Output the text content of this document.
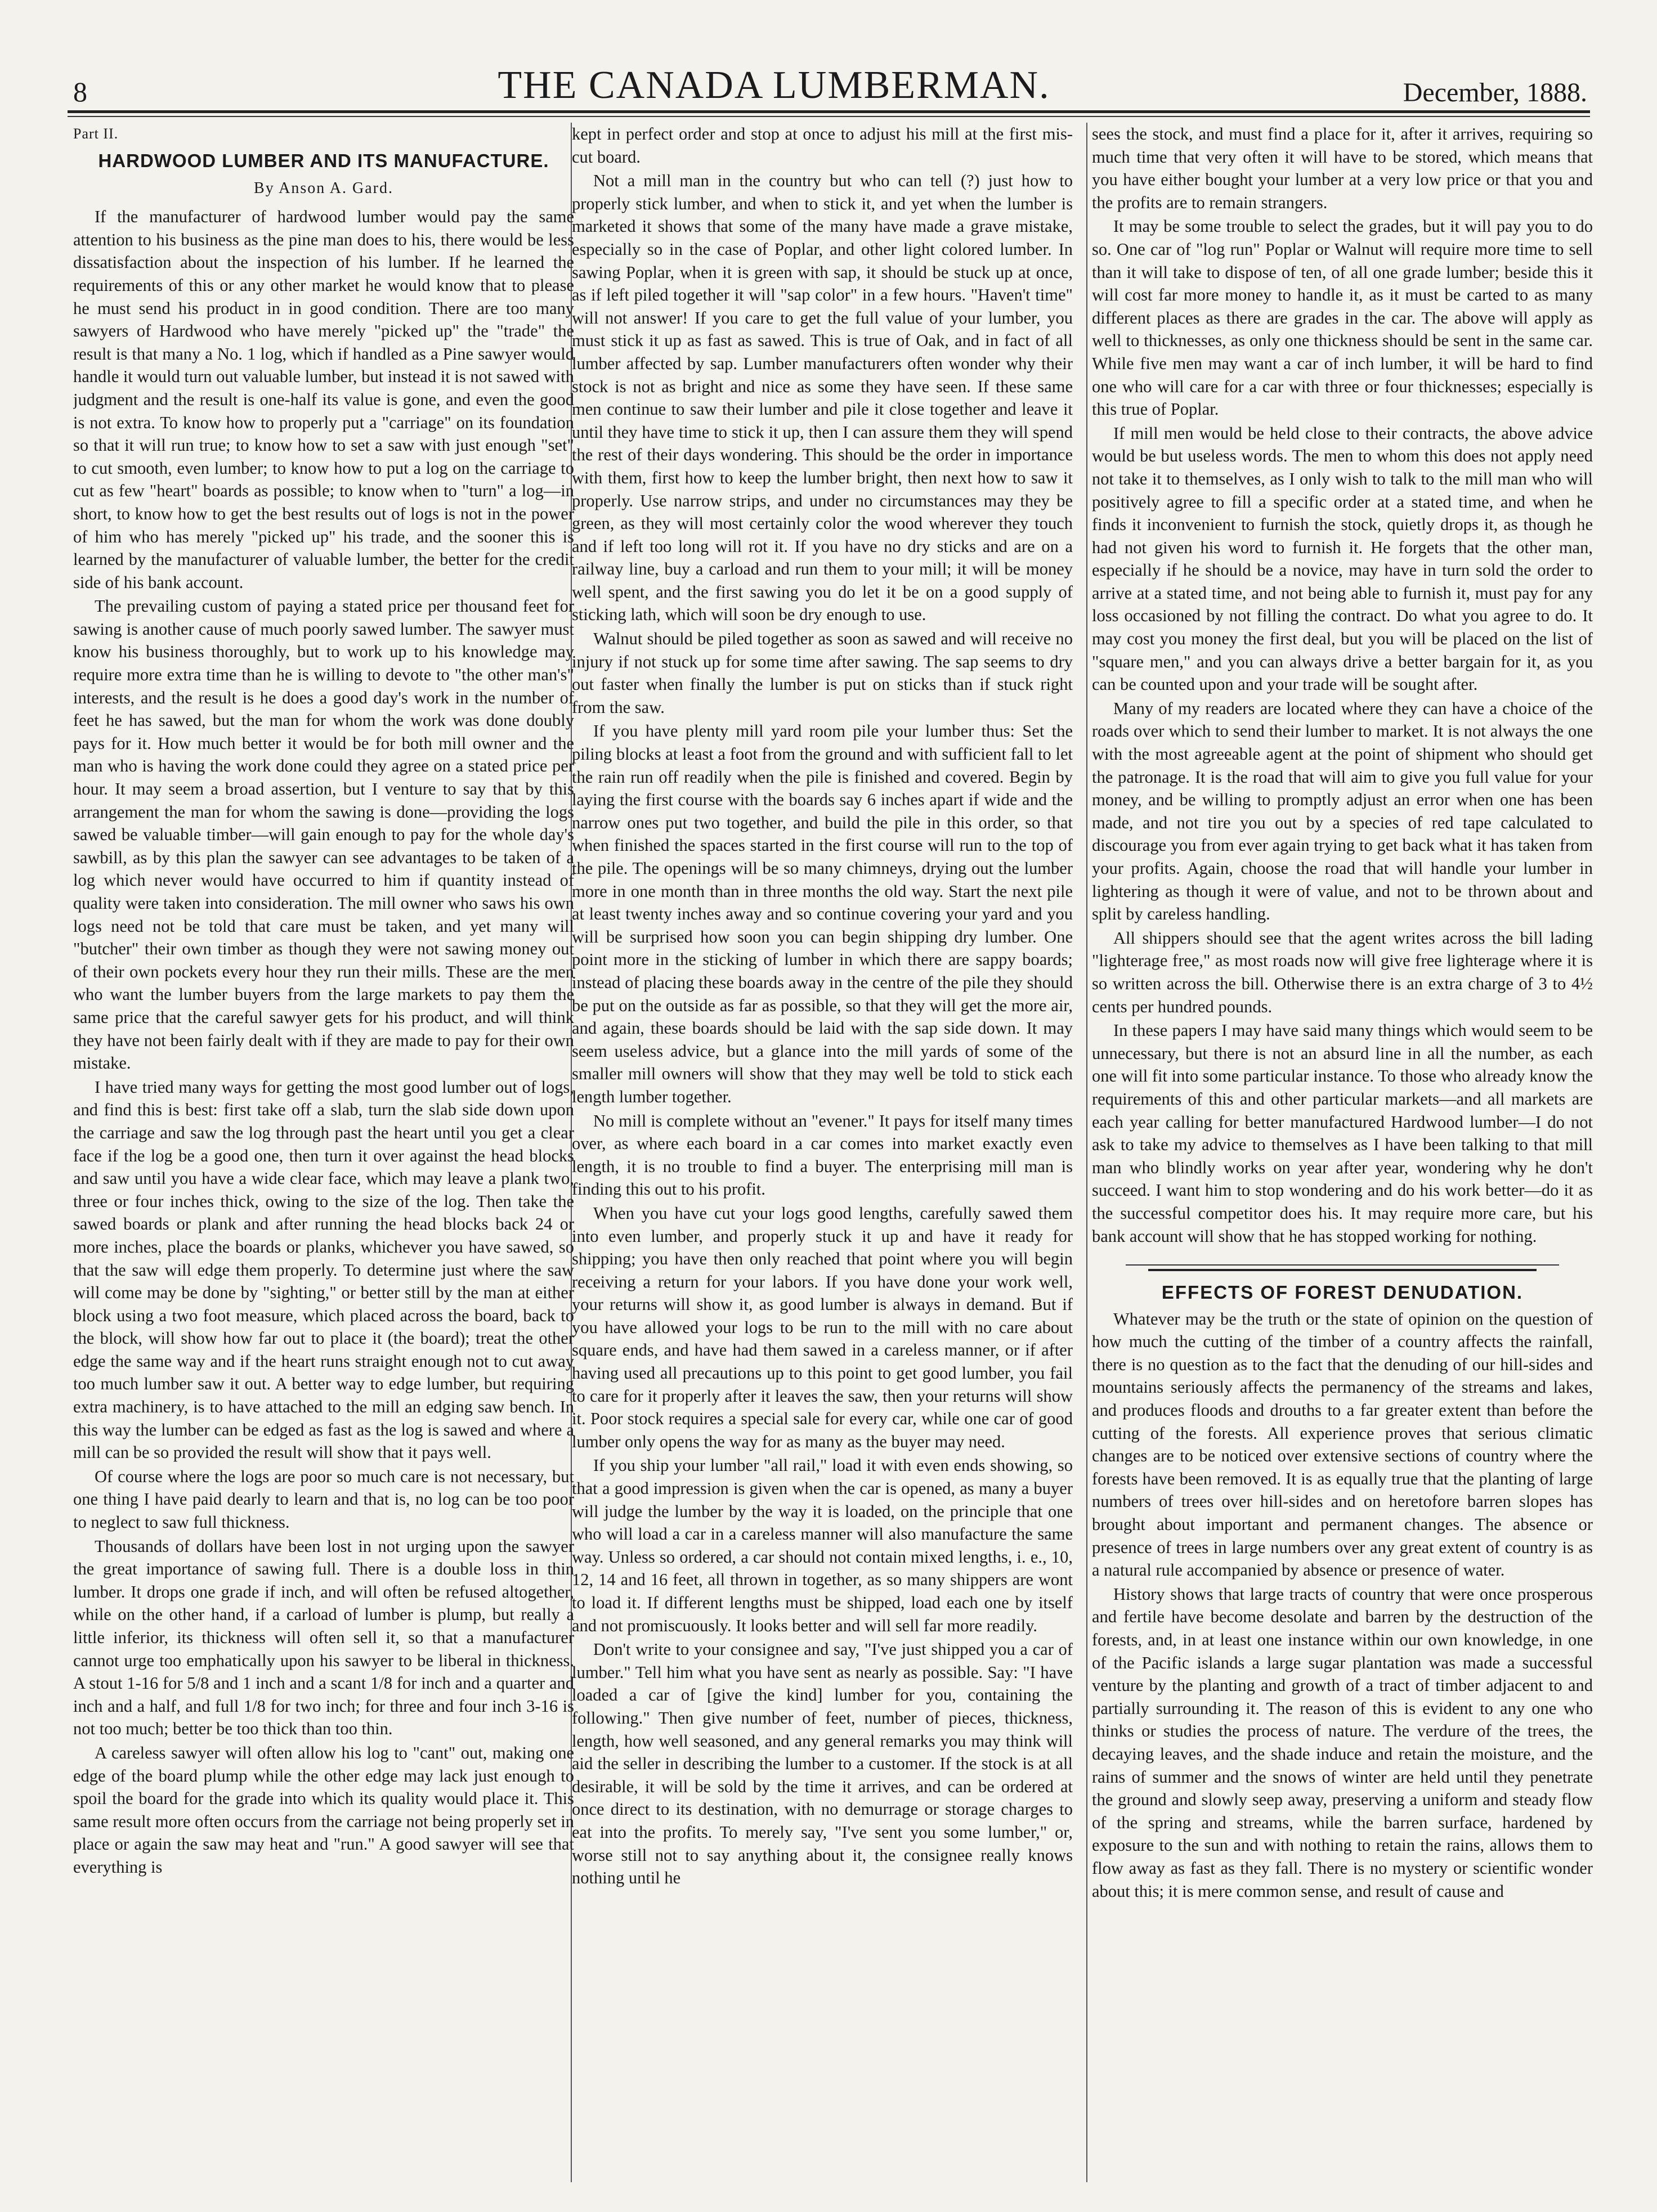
8	THE CANADA LUMBERMAN.	December, 1888.
Part II.
HARDWOOD LUMBER AND ITS MANUFACTURE.
By Anson A. Gard.

If the manufacturer of hardwood lumber would pay the same attention to his business as the pine man does to his, there would be less dissatisfaction about the inspection of his lumber. If he learned the requirements of this or any other market he would know that to please he must send his product in in good condition. There are too many sawyers of Hardwood who have merely "picked up" the "trade" the result is that many a No. 1 log, which if handled as a Pine sawyer would handle it would turn out valuable lumber, but instead it is not sawed with judgment and the result is one-half its value is gone, and even the good is not extra. To know how to properly put a "carriage" on its foundation so that it will run true; to know how to set a saw with just enough "set" to cut smooth, even lumber; to know how to put a log on the carriage to cut as few "heart" boards as possible; to know when to "turn" a log—in short, to know how to get the best results out of logs is not in the power of him who has merely "picked up" his trade, and the sooner this is learned by the manufacturer of valuable lumber, the better for the credit side of his bank account.

The prevailing custom of paying a stated price per thousand feet for sawing is another cause of much poorly sawed lumber. The sawyer must know his business thoroughly, but to work up to his knowledge may require more extra time than he is willing to devote to "the other man's" interests, and the result is he does a good day's work in the number of feet he has sawed, but the man for whom the work was done doubly pays for it. How much better it would be for both mill owner and the man who is having the work done could they agree on a stated price per hour. It may seem a broad assertion, but I venture to say that by this arrangement the man for whom the sawing is done—providing the logs sawed be valuable timber—will gain enough to pay for the whole day's sawbill, as by this plan the sawyer can see advantages to be taken of a log which never would have occurred to him if quantity instead of quality were taken into consideration. The mill owner who saws his own logs need not be told that care must be taken, and yet many will "butcher" their own timber as though they were not sawing money out of their own pockets every hour they run their mills. These are the men who want the lumber buyers from the large markets to pay them the same price that the careful sawyer gets for his product, and will think they have not been fairly dealt with if they are made to pay for their own mistake.

I have tried many ways for getting the most good lumber out of logs, and find this is best: first take off a slab, turn the slab side down upon the carriage and saw the log through past the heart until you get a clear face if the log be a good one, then turn it over against the head blocks and saw until you have a wide clear face, which may leave a plank two, three or four inches thick, owing to the size of the log. Then take the sawed boards or plank and after running the head blocks back 24 or more inches, place the boards or planks, whichever you have sawed, so that the saw will edge them properly. To determine just where the saw will come may be done by "sighting," or better still by the man at either block using a two foot measure, which placed across the board, back to the block, will show how far out to place it (the board); treat the other edge the same way and if the heart runs straight enough not to cut away too much lumber saw it out. A better way to edge lumber, but requiring extra machinery, is to have attached to the mill an edging saw bench. In this way the lumber can be edged as fast as the log is sawed and where a mill can be so provided the result will show that it pays well.

Of course where the logs are poor so much care is not necessary, but one thing I have paid dearly to learn and that is, no log can be too poor to neglect to saw full thickness.

Thousands of dollars have been lost in not urging upon the sawyer the great importance of sawing full. There is a double loss in thin lumber. It drops one grade if inch, and will often be refused altogether, while on the other hand, if a carload of lumber is plump, but really a little inferior, its thickness will often sell it, so that a manufacturer cannot urge too emphatically upon his sawyer to be liberal in thickness. A stout 1-16 for 5/8 and 1 inch and a scant 1/8 for inch and a quarter and inch and a half, and full 1/8 for two inch; for three and four inch 3-16 is not too much; better be too thick than too thin.

A careless sawyer will often allow his log to "cant" out, making one edge of the board plump while the other edge may lack just enough to spoil the board for the grade into which its quality would place it. This same result more often occurs from the carriage not being properly set in place or again the saw may heat and "run." A good sawyer will see that everything is

kept in perfect order and stop at once to adjust his mill at the first mis-cut board.

Not a mill man in the country but who can tell (?) just how to properly stick lumber, and when to stick it, and yet when the lumber is marketed it shows that some of the many have made a grave mistake, especially so in the case of Poplar, and other light colored lumber. In sawing Poplar, when it is green with sap, it should be stuck up at once, as if left piled together it will "sap color" in a few hours. "Haven't time" will not answer! If you care to get the full value of your lumber, you must stick it up as fast as sawed. This is true of Oak, and in fact of all lumber affected by sap. Lumber manufacturers often wonder why their stock is not as bright and nice as some they have seen. If these same men continue to saw their lumber and pile it close together and leave it until they have time to stick it up, then I can assure them they will spend the rest of their days wondering. This should be the order in importance with them, first how to keep the lumber bright, then next how to saw it properly. Use narrow strips, and under no circumstances may they be green, as they will most certainly color the wood wherever they touch and if left too long will rot it. If you have no dry sticks and are on a railway line, buy a carload and run them to your mill; it will be money well spent, and the first sawing you do let it be on a good supply of sticking lath, which will soon be dry enough to use.

Walnut should be piled together as soon as sawed and will receive no injury if not stuck up for some time after sawing. The sap seems to dry out faster when finally the lumber is put on sticks than if stuck right from the saw.

If you have plenty mill yard room pile your lumber thus: Set the piling blocks at least a foot from the ground and with sufficient fall to let the rain run off readily when the pile is finished and covered. Begin by laying the first course with the boards say 6 inches apart if wide and the narrow ones put two together, and build the pile in this order, so that when finished the spaces started in the first course will run to the top of the pile. The openings will be so many chimneys, drying out the lumber more in one month than in three months the old way. Start the next pile at least twenty inches away and so continue covering your yard and you will be surprised how soon you can begin shipping dry lumber. One point more in the sticking of lumber in which there are sappy boards; instead of placing these boards away in the centre of the pile they should be put on the outside as far as possible, so that they will get the more air, and again, these boards should be laid with the sap side down. It may seem useless advice, but a glance into the mill yards of some of the smaller mill owners will show that they may well be told to stick each length lumber together.

No mill is complete without an "evener." It pays for itself many times over, as where each board in a car comes into market exactly even length, it is no trouble to find a buyer. The enterprising mill man is finding this out to his profit.

When you have cut your logs good lengths, carefully sawed them into even lumber, and properly stuck it up and have it ready for shipping; you have then only reached that point where you will begin receiving a return for your labors. If you have done your work well, your returns will show it, as good lumber is always in demand. But if you have allowed your logs to be run to the mill with no care about square ends, and have had them sawed in a careless manner, or if after having used all precautions up to this point to get good lumber, you fail to care for it properly after it leaves the saw, then your returns will show it. Poor stock requires a special sale for every car, while one car of good lumber only opens the way for as many as the buyer may need.

If you ship your lumber "all rail," load it with even ends showing, so that a good impression is given when the car is opened, as many a buyer will judge the lumber by the way it is loaded, on the principle that one who will load a car in a careless manner will also manufacture the same way. Unless so ordered, a car should not contain mixed lengths, i. e., 10, 12, 14 and 16 feet, all thrown in together, as so many shippers are wont to load it. If different lengths must be shipped, load each one by itself and not promiscuously. It looks better and will sell far more readily.

Don't write to your consignee and say, "I've just shipped you a car of lumber." Tell him what you have sent as nearly as possible. Say: "I have loaded a car of [give the kind] lumber for you, containing the following." Then give number of feet, number of pieces, thickness, length, how well seasoned, and any general remarks you may think will aid the seller in describing the lumber to a customer. If the stock is at all desirable, it will be sold by the time it arrives, and can be ordered at once direct to its destination, with no demurrage or storage charges to eat into the profits. To merely say, "I've sent you some lumber," or, worse still not to say anything about it, the consignee really knows nothing until he

sees the stock, and must find a place for it, after it arrives, requiring so much time that very often it will have to be stored, which means that you have either bought your lumber at a very low price or that you and the profits are to remain strangers.

It may be some trouble to select the grades, but it will pay you to do so. One car of "log run" Poplar or Walnut will require more time to sell than it will take to dispose of ten, of all one grade lumber; beside this it will cost far more money to handle it, as it must be carted to as many different places as there are grades in the car. The above will apply as well to thicknesses, as only one thickness should be sent in the same car. While five men may want a car of inch lumber, it will be hard to find one who will care for a car with three or four thicknesses; especially is this true of Poplar.

If mill men would be held close to their contracts, the above advice would be but useless words. The men to whom this does not apply need not take it to themselves, as I only wish to talk to the mill man who will positively agree to fill a specific order at a stated time, and when he finds it inconvenient to furnish the stock, quietly drops it, as though he had not given his word to furnish it. He forgets that the other man, especially if he should be a novice, may have in turn sold the order to arrive at a stated time, and not being able to furnish it, must pay for any loss occasioned by not filling the contract. Do what you agree to do. It may cost you money the first deal, but you will be placed on the list of "square men," and you can always drive a better bargain for it, as you can be counted upon and your trade will be sought after.

Many of my readers are located where they can have a choice of the roads over which to send their lumber to market. It is not always the one with the most agreeable agent at the point of shipment who should get the patronage. It is the road that will aim to give you full value for your money, and be willing to promptly adjust an error when one has been made, and not tire you out by a species of red tape calculated to discourage you from ever again trying to get back what it has taken from your profits. Again, choose the road that will handle your lumber in lightering as though it were of value, and not to be thrown about and split by careless handling.

All shippers should see that the agent writes across the bill lading "lighterage free," as most roads now will give free lighterage where it is so written across the bill. Otherwise there is an extra charge of 3 to 4½ cents per hundred pounds.

In these papers I may have said many things which would seem to be unnecessary, but there is not an absurd line in all the number, as each one will fit into some particular instance. To those who already know the requirements of this and other particular markets—and all markets are each year calling for better manufactured Hardwood lumber—I do not ask to take my advice to themselves as I have been talking to that mill man who blindly works on year after year, wondering why he don't succeed. I want him to stop wondering and do his work better—do it as the successful competitor does his. It may require more care, but his bank account will show that he has stopped working for nothing.

EFFECTS OF FOREST DENUDATION.

Whatever may be the truth or the state of opinion on the question of how much the cutting of the timber of a country affects the rainfall, there is no question as to the fact that the denuding of our hill-sides and mountains seriously affects the permanency of the streams and lakes, and produces floods and drouths to a far greater extent than before the cutting of the forests. All experience proves that serious climatic changes are to be noticed over extensive sections of country where the forests have been removed. It is as equally true that the planting of large numbers of trees over hill-sides and on heretofore barren slopes has brought about important and permanent changes. The absence or presence of trees in large numbers over any great extent of country is as a natural rule accompanied by absence or presence of water.

History shows that large tracts of country that were once prosperous and fertile have become desolate and barren by the destruction of the forests, and, in at least one instance within our own knowledge, in one of the Pacific islands a large sugar plantation was made a successful venture by the planting and growth of a tract of timber adjacent to and partially surrounding it. The reason of this is evident to any one who thinks or studies the process of nature. The verdure of the trees, the decaying leaves, and the shade induce and retain the moisture, and the rains of summer and the snows of winter are held until they penetrate the ground and slowly seep away, preserving a uniform and steady flow of the spring and streams, while the barren surface, hardened by exposure to the sun and with nothing to retain the rains, allows them to flow away as fast as they fall. There is no mystery or scientific wonder about this; it is mere common sense, and result of cause and
